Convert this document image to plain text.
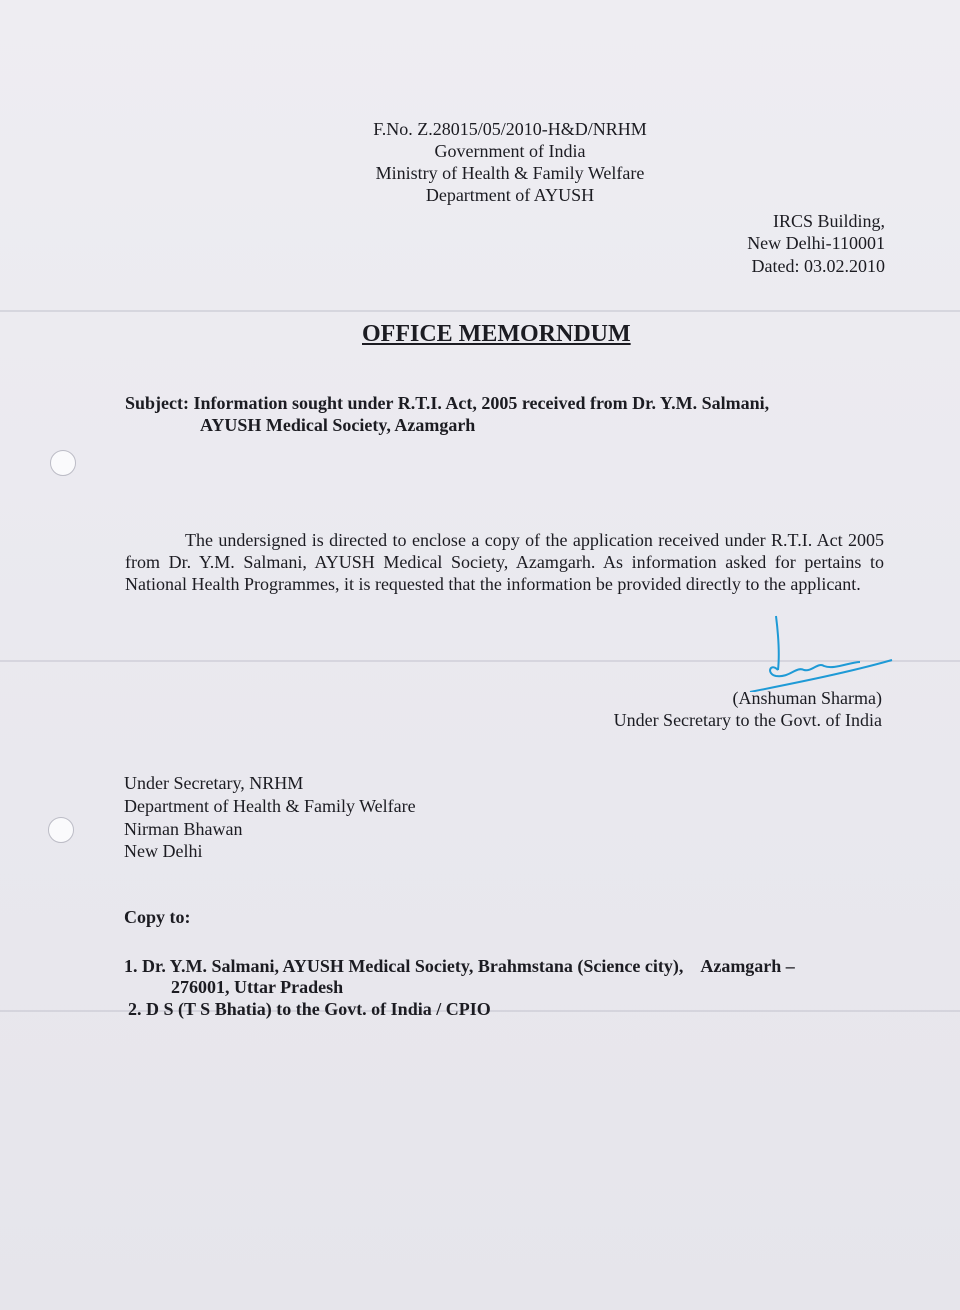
F.No. Z.28015/05/2010-H&D/NRHM
Government of India
Ministry of Health & Family Welfare
Department of AYUSH
IRCS Building,
New Delhi-110001
Dated: 03.02.2010
OFFICE MEMORNDUM
Subject: Information sought under R.T.I. Act, 2005 received from Dr. Y.M. Salmani,
AYUSH Medical Society, Azamgarh
The undersigned is directed to enclose a copy of the application received under R.T.I. Act 2005 from Dr. Y.M. Salmani, AYUSH Medical Society, Azamgarh. As information asked for pertains to National Health Programmes, it is requested that the information be provided directly to the applicant.
(Anshuman Sharma)
Under Secretary to the Govt. of India
Under Secretary, NRHM
Department of Health & Family Welfare
Nirman Bhawan
New Delhi
Copy to:
1. Dr. Y.M. Salmani, AYUSH Medical Society, Brahmstana (Science city),    Azamgarh –
276001, Uttar Pradesh
2. D S (T S Bhatia) to the Govt. of India / CPIO
